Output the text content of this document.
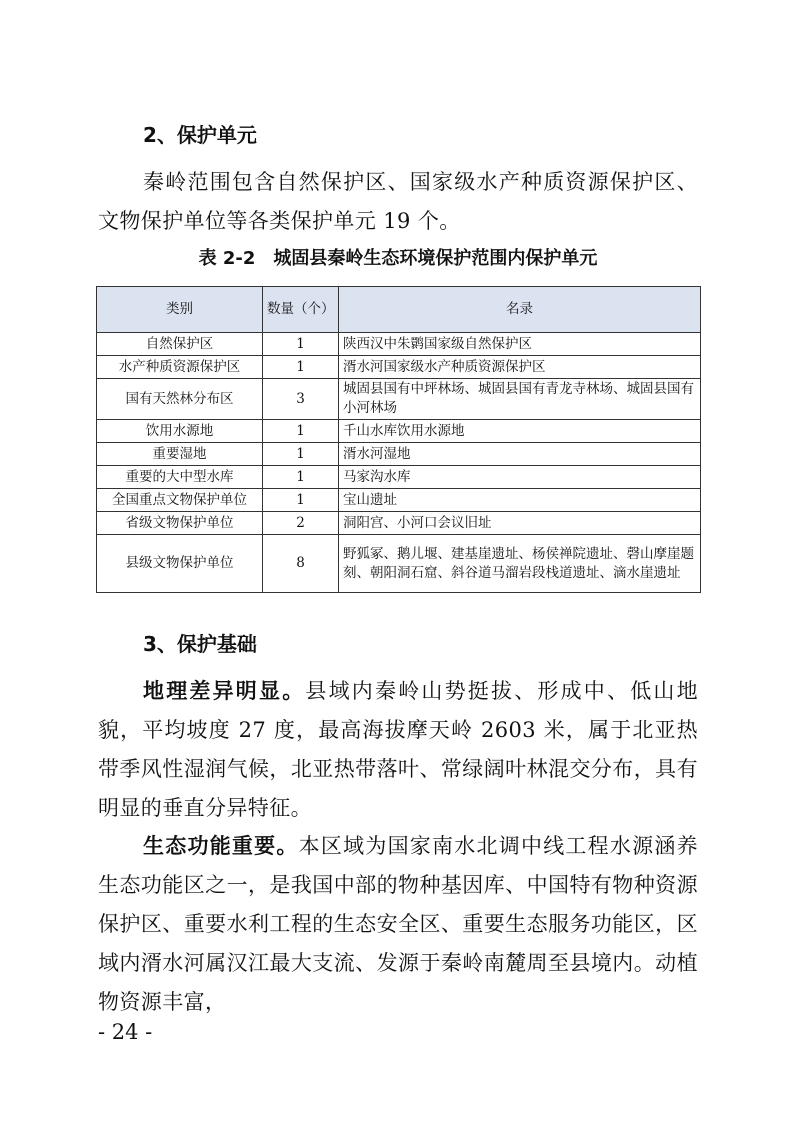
2、保护单元
秦岭范围包含自然保护区、国家级水产种质资源保护区、文物保护单位等各类保护单元 19 个。
表 2-2 城固县秦岭生态环境保护范围内保护单元
类别	数量（个）	名录
自然保护区	1	陕西汉中朱鹮国家级自然保护区
水产种质资源保护区	1	湑水河国家级水产种质资源保护区
国有天然林分布区	3	城固县国有中坪林场、城固县国有青龙寺林场、城固县国有小河林场
饮用水源地	1	千山水库饮用水源地
重要湿地	1	湑水河湿地
重要的大中型水库	1	马家沟水库
全国重点文物保护单位	1	宝山遗址
省级文物保护单位	2	洞阳宫、小河口会议旧址
县级文物保护单位	8	野狐冢、鹅儿堰、建基崖遗址、杨侯禅院遗址、磬山摩崖题刻、朝阳洞石窟、斜谷道马溜岩段栈道遗址、滴水崖遗址
3、保护基础
地理差异明显。县域内秦岭山势挺拔、形成中、低山地貌，平均坡度 27 度，最高海拔摩天岭 2603 米，属于北亚热带季风性湿润气候，北亚热带落叶、常绿阔叶林混交分布，具有明显的垂直分异特征。
生态功能重要。本区域为国家南水北调中线工程水源涵养生态功能区之一，是我国中部的物种基因库、中国特有物种资源保护区、重要水利工程的生态安全区、重要生态服务功能区，区域内湑水河属汉江最大支流、发源于秦岭南麓周至县境内。动植物资源丰富，
- 24 -
